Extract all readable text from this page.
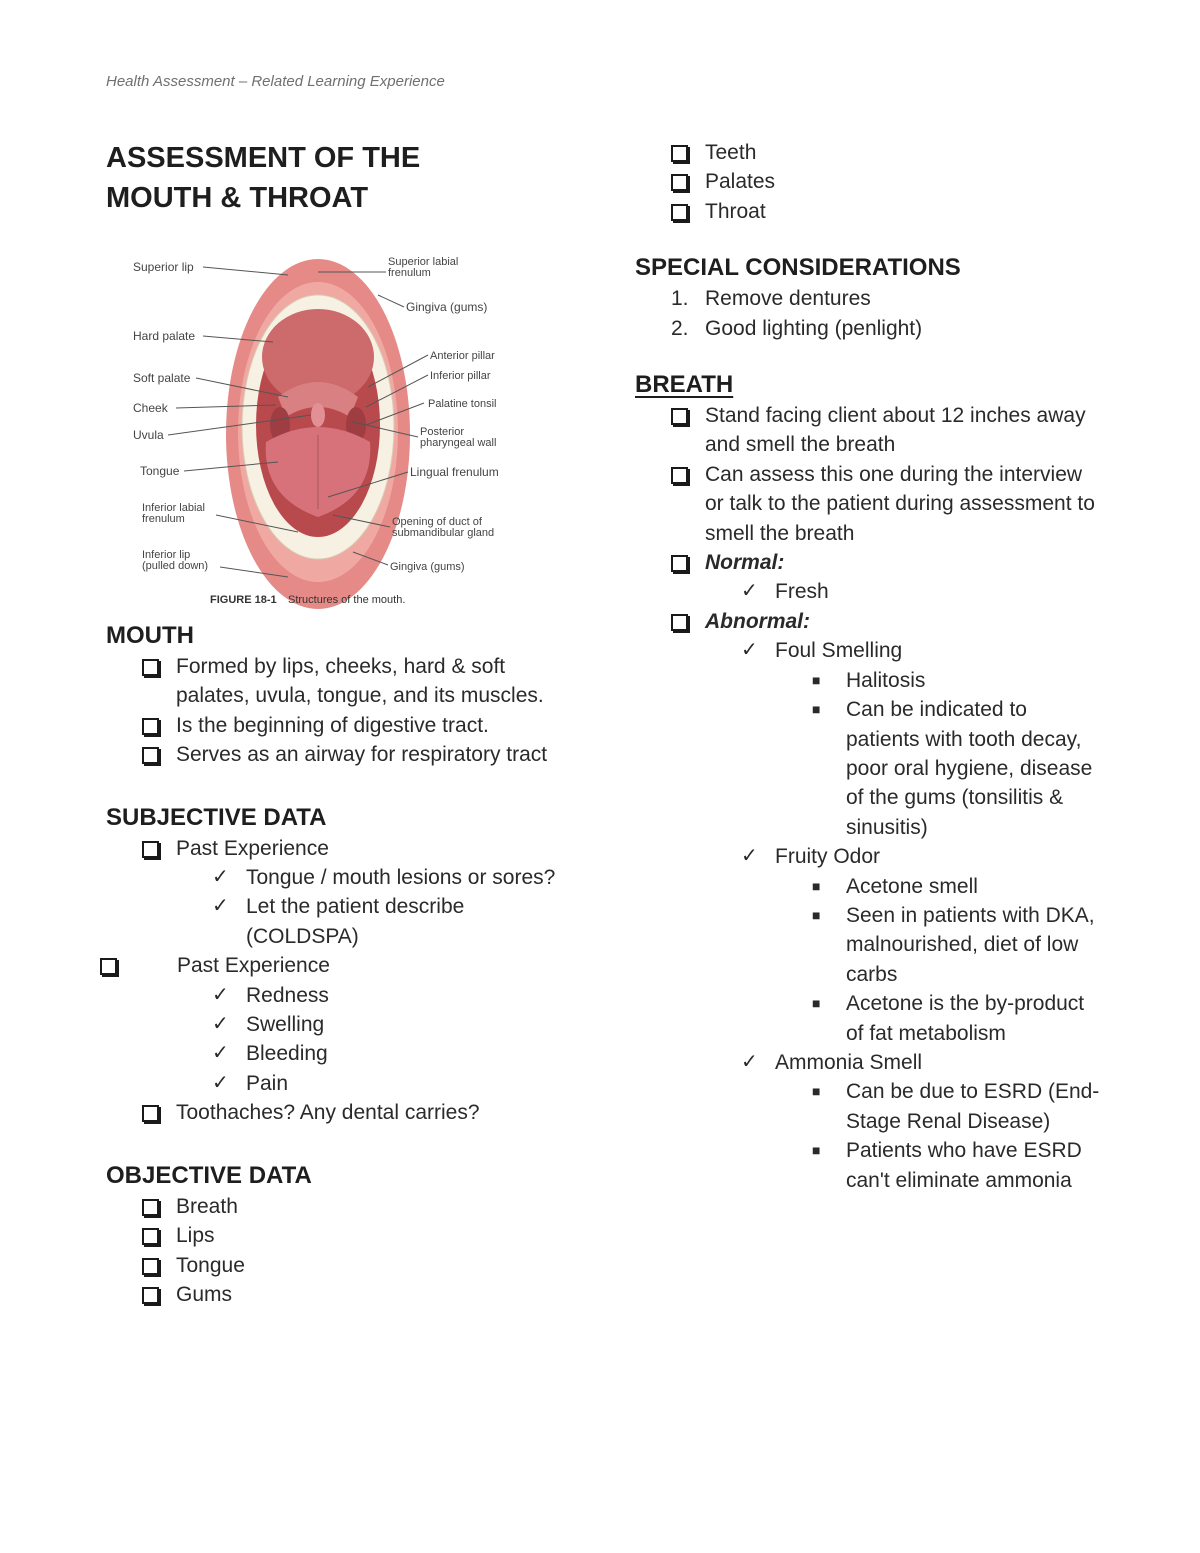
Health Assessment – Related Learning Experience
ASSESSMENT OF THE
MOUTH & THROAT
Superior lip
Hard palate
Soft palate
Cheek
Uvula
Tongue
Inferior labial frenulum
Inferior lip (pulled down)
Superior labial frenulum
Gingiva (gums)
Anterior pillar
Inferior pillar
Palatine tonsil
Posterior pharyngeal wall
Lingual frenulum
Opening of duct of submandibular gland
Gingiva (gums)
FIGURE 18-1 Structures of the mouth.
MOUTH
Formed by lips, cheeks, hard & soft palates, uvula, tongue, and its muscles.
Is the beginning of digestive tract.
Serves as an airway for respiratory tract
SUBJECTIVE DATA
Past Experience
✓ Tongue / mouth lesions or sores?
✓ Let the patient describe (COLDSPA)
Past Experience
✓ Redness
✓ Swelling
✓ Bleeding
✓ Pain
Toothaches? Any dental carries?
OBJECTIVE DATA
Breath
Lips
Tongue
Gums
Teeth
Palates
Throat
SPECIAL CONSIDERATIONS
1. Remove dentures
2. Good lighting (penlight)
BREATH
Stand facing client about 12 inches away and smell the breath
Can assess this one during the interview or talk to the patient during assessment to smell the breath
Normal:
✓ Fresh
Abnormal:
✓ Foul Smelling
■ Halitosis
■ Can be indicated to patients with tooth decay, poor oral hygiene, disease of the gums (tonsilitis & sinusitis)
✓ Fruity Odor
■ Acetone smell
■ Seen in patients with DKA, malnourished, diet of low carbs
■ Acetone is the by-product of fat metabolism
✓ Ammonia Smell
■ Can be due to ESRD (End-Stage Renal Disease)
■ Patients who have ESRD can't eliminate ammonia
